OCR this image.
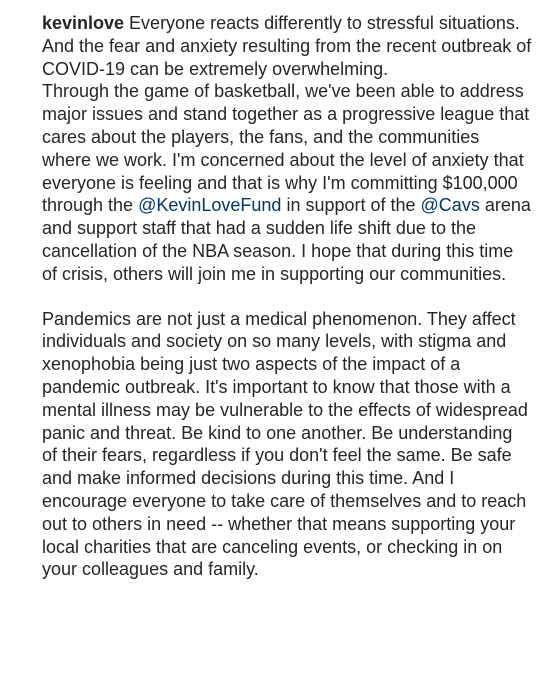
kevinlove Everyone reacts differently to stressful situations. And the fear and anxiety resulting from the recent outbreak of COVID-19 can be extremely overwhelming.

Through the game of basketball, we've been able to address major issues and stand together as a progressive league that cares about the players, the fans, and the communities where we work. I'm concerned about the level of anxiety that everyone is feeling and that is why I'm committing $100,000 through the @KevinLoveFund in support of the @Cavs arena and support staff that had a sudden life shift due to the cancellation of the NBA season. I hope that during this time of crisis, others will join me in supporting our communities.

Pandemics are not just a medical phenomenon. They affect individuals and society on so many levels, with stigma and xenophobia being just two aspects of the impact of a pandemic outbreak. It's important to know that those with a mental illness may be vulnerable to the effects of widespread panic and threat. Be kind to one another. Be understanding of their fears, regardless if you don't feel the same. Be safe and make informed decisions during this time. And I encourage everyone to take care of themselves and to reach out to others in need -- whether that means supporting your local charities that are canceling events, or checking in on your colleagues and family.
